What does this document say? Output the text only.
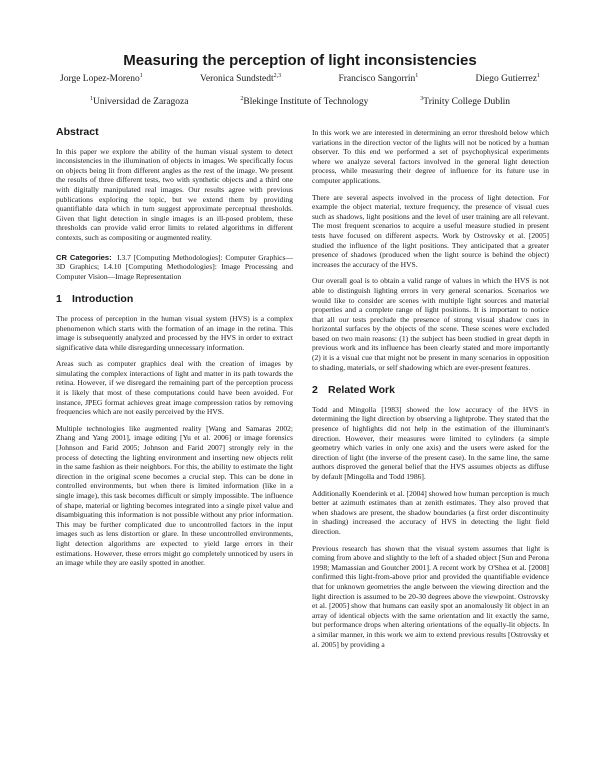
Measuring the perception of light inconsistencies
Jorge Lopez-Moreno$^1$	Veronica Sundstedt$^{2,3}$	Francisco Sangorrin$^1$	Diego Gutierrez$^1$
$^1$Universidad de Zaragoza	$^2$Blekinge Institute of Technology	$^3$Trinity College Dublin
Abstract

In this paper we explore the ability of the human visual system to detect inconsistencies in the illumination of objects in images. We specifically focus on objects being lit from different angles as the rest of the image. We present the results of three different tests, two with synthetic objects and a third one with digitally manipulated real images. Our results agree with previous publications exploring the topic, but we extend them by providing quantifiable data which in turn suggest approximate perceptual thresholds. Given that light detection in single images is an ill-posed problem, these thresholds can provide valid error limits to related algorithms in different contexts, such as compositing or augmented reality.

CR Categories: I.3.7 [Computing Methodologies]: Computer Graphics—3D Graphics; I.4.10 [Computing Methodologies]: Image Processing and Computer Vision—Image Representation

1 Introduction

The process of perception in the human visual system (HVS) is a complex phenomenon which starts with the formation of an image in the retina. This image is subsequently analyzed and processed by the HVS in order to extract significative data while disregarding unnecessary information.

Areas such as computer graphics deal with the creation of images by simulating the complex interactions of light and matter in its path towards the retina. However, if we disregard the remaining part of the perception process it is likely that most of these computations could have been avoided. For instance, JPEG format achieves great image compression ratios by removing frequencies which are not easily perceived by the HVS.

Multiple technologies like augmented reality [Wang and Samaras 2002; Zhang and Yang 2001], image editing [Yu et al. 2006] or image forensics [Johnson and Farid 2005; Johnson and Farid 2007] strongly rely in the process of detecting the lighting environment and inserting new objects relit in the same fashion as their neighbors. For this, the ability to estimate the light direction in the original scene becomes a crucial step. This can be done in controlled environments, but when there is limited information (like in a single image), this task becomes difficult or simply impossible. The influence of shape, material or lighting becomes integrated into a single pixel value and disambiguating this information is not possible without any prior information. This may be further complicated due to uncontrolled factors in the input images such as lens distortion or glare. In these uncontrolled environments, light detection algorithms are expected to yield large errors in their estimations. However, these errors might go completely unnoticed by users in an image while they are easily spotted in another.

In this work we are interested in determining an error threshold below which variations in the direction vector of the lights will not be noticed by a human observer. To this end we performed a set of psychophysical experiments where we analyze several factors involved in the general light detection process, while measuring their degree of influence for its future use in computer applications.

There are several aspects involved in the process of light detection. For example the object material, texture frequency, the presence of visual cues such as shadows, light positions and the level of user training are all relevant. The most frequent scenarios to acquire a useful measure studied in present tests have focused on different aspects. Work by Ostrovsky et al. [2005] studied the influence of the light positions. They anticipated that a greater presence of shadows (produced when the light source is behind the object) increases the accuracy of the HVS.

Our overall goal is to obtain a valid range of values in which the HVS is not able to distinguish lighting errors in very general scenarios. Scenarios we would like to consider are scenes with multiple light sources and material properties and a complete range of light positions. It is important to notice that all our tests preclude the presence of strong visual shadow cues in horizontal surfaces by the objects of the scene. These scenes were excluded based on two main reasons: (1) the subject has been studied in great depth in previous work and its influence has been clearly stated and more importantly (2) it is a visual cue that might not be present in many scenarios in opposition to shading, materials, or self shadowing which are ever-present features.

2 Related Work

Todd and Mingolla [1983] showed the low accuracy of the HVS in determining the light direction by observing a lightprobe. They stated that the presence of highlights did not help in the estimation of the illuminant's direction. However, their measures were limited to cylinders (a simple geometry which varies in only one axis) and the users were asked for the direction of light (the inverse of the present case). In the same line, the same authors disproved the general belief that the HVS assumes objects as diffuse by default [Mingolla and Todd 1986].

Additionally Koenderink et al. [2004] showed how human perception is much better at azimuth estimates than at zenith estimates. They also proved that when shadows are present, the shadow boundaries (a first order discontinuity in shading) increased the accuracy of HVS in detecting the light field direction.

Previous research has shown that the visual system assumes that light is coming from above and slightly to the left of a shaded object [Sun and Perona 1998; Mamassian and Goutcher 2001]. A recent work by O'Shea et al. [2008] confirmed this light-from-above prior and provided the quantifiable evidence that for unknown geometries the angle between the viewing direction and the light direction is assumed to be 20-30 degrees above the viewpoint. Ostrovsky et al. [2005] show that humans can easily spot an anomalously lit object in an array of identical objects with the same orientation and lit exactly the same, but performance drops when altering orientations of the equally-lit objects. In a similar manner, in this work we aim to extend previous results [Ostrovsky et al. 2005] by providing a
